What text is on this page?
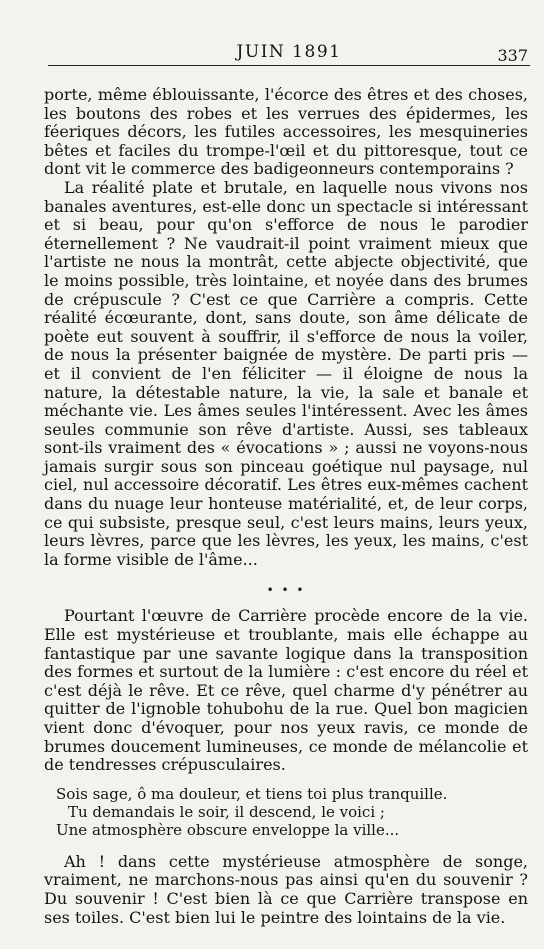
JUIN 1891	337

porte, même éblouissante, l'écorce des êtres et des choses, les boutons des robes et les verrues des épidermes, les féeriques décors, les futiles accessoires, les mesquineries bêtes et faciles du trompe-l'œil et du pittoresque, tout ce dont vit le commerce des badigeonneurs contemporains ?

La réalité plate et brutale, en laquelle nous vivons nos banales aventures, est-elle donc un spectacle si intéressant et si beau, pour qu'on s'efforce de nous le parodier éternellement ? Ne vaudrait-il point vraiment mieux que l'artiste ne nous la montrât, cette abjecte objectivité, que le moins possible, très lointaine, et noyée dans des brumes de crépuscule ? C'est ce que Carrière a compris. Cette réalité écœurante, dont, sans doute, son âme délicate de poète eut souvent à souffrir, il s'efforce de nous la voiler, de nous la présenter baignée de mystère. De parti pris — et il convient de l'en féliciter — il éloigne de nous la nature, la détestable nature, la vie, la sale et banale et méchante vie. Les âmes seules l'intéressent. Avec les âmes seules communie son rêve d'artiste. Aussi, ses tableaux sont-ils vraiment des « évocations » ; aussi ne voyons-nous jamais surgir sous son pinceau goétique nul paysage, nul ciel, nul accessoire décoratif. Les êtres eux-mêmes cachent dans du nuage leur honteuse matérialité, et, de leur corps, ce qui subsiste, presque seul, c'est leurs mains, leurs yeux, leurs lèvres, parce que les lèvres, les yeux, les mains, c'est la forme visible de l'âme...

• • •

Pourtant l'œuvre de Carrière procède encore de la vie. Elle est mystérieuse et troublante, mais elle échappe au fantastique par une savante logique dans la transposition des formes et surtout de la lumière : c'est encore du réel et c'est déjà le rêve. Et ce rêve, quel charme d'y pénétrer au quitter de l'ignoble tohubohu de la rue. Quel bon magicien vient donc d'évoquer, pour nos yeux ravis, ce monde de brumes doucement lumineuses, ce monde de mélancolie et de tendresses crépusculaires.

Sois sage, ô ma douleur, et tiens toi plus tranquille.
Tu demandais le soir, il descend, le voici ;
Une atmosphère obscure enveloppe la ville...

Ah ! dans cette mystérieuse atmosphère de songe, vraiment, ne marchons-nous pas ainsi qu'en du souvenir ? Du souvenir ! C'est bien là ce que Carrière transpose en ses toiles. C'est bien lui le peintre des lointains de la vie.
